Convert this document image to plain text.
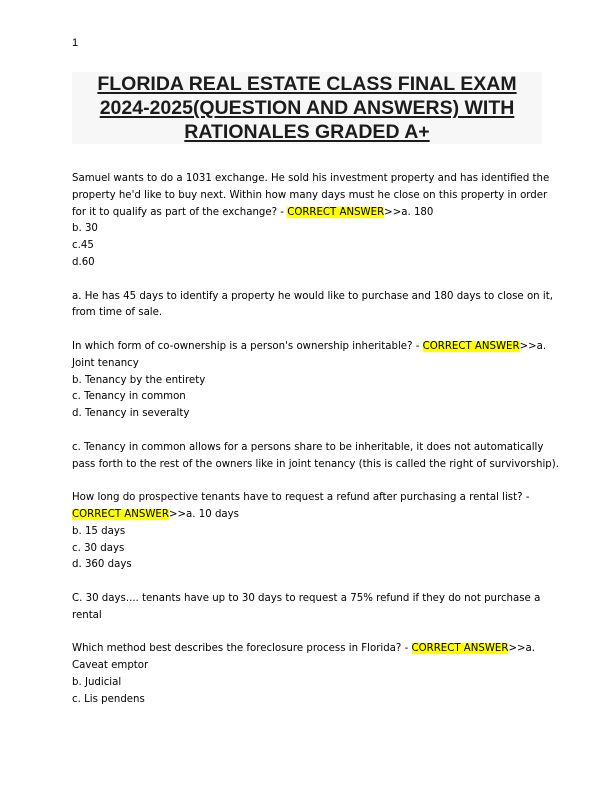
1
FLORIDA REAL ESTATE CLASS FINAL EXAM
2024-2025(QUESTION AND ANSWERS) WITH
RATIONALES GRADED A+
Samuel wants to do a 1031 exchange. He sold his investment property and has identified the
property he'd like to buy next. Within how many days must he close on this property in order
for it to qualify as part of the exchange? - CORRECT ANSWER>>a. 180
b. 30
c.45
d.60
a. He has 45 days to identify a property he would like to purchase and 180 days to close on it,
from time of sale.
In which form of co-ownership is a person's ownership inheritable? - CORRECT ANSWER>>a.
Joint tenancy
b. Tenancy by the entirety
c. Tenancy in common
d. Tenancy in severalty
c. Tenancy in common allows for a persons share to be inheritable, it does not automatically
pass forth to the rest of the owners like in joint tenancy (this is called the right of survivorship).
How long do prospective tenants have to request a refund after purchasing a rental list? -
CORRECT ANSWER>>a. 10 days
b. 15 days
c. 30 days
d. 360 days
C. 30 days.... tenants have up to 30 days to request a 75% refund if they do not purchase a
rental
Which method best describes the foreclosure process in Florida? - CORRECT ANSWER>>a.
Caveat emptor
b. Judicial
c. Lis pendens
